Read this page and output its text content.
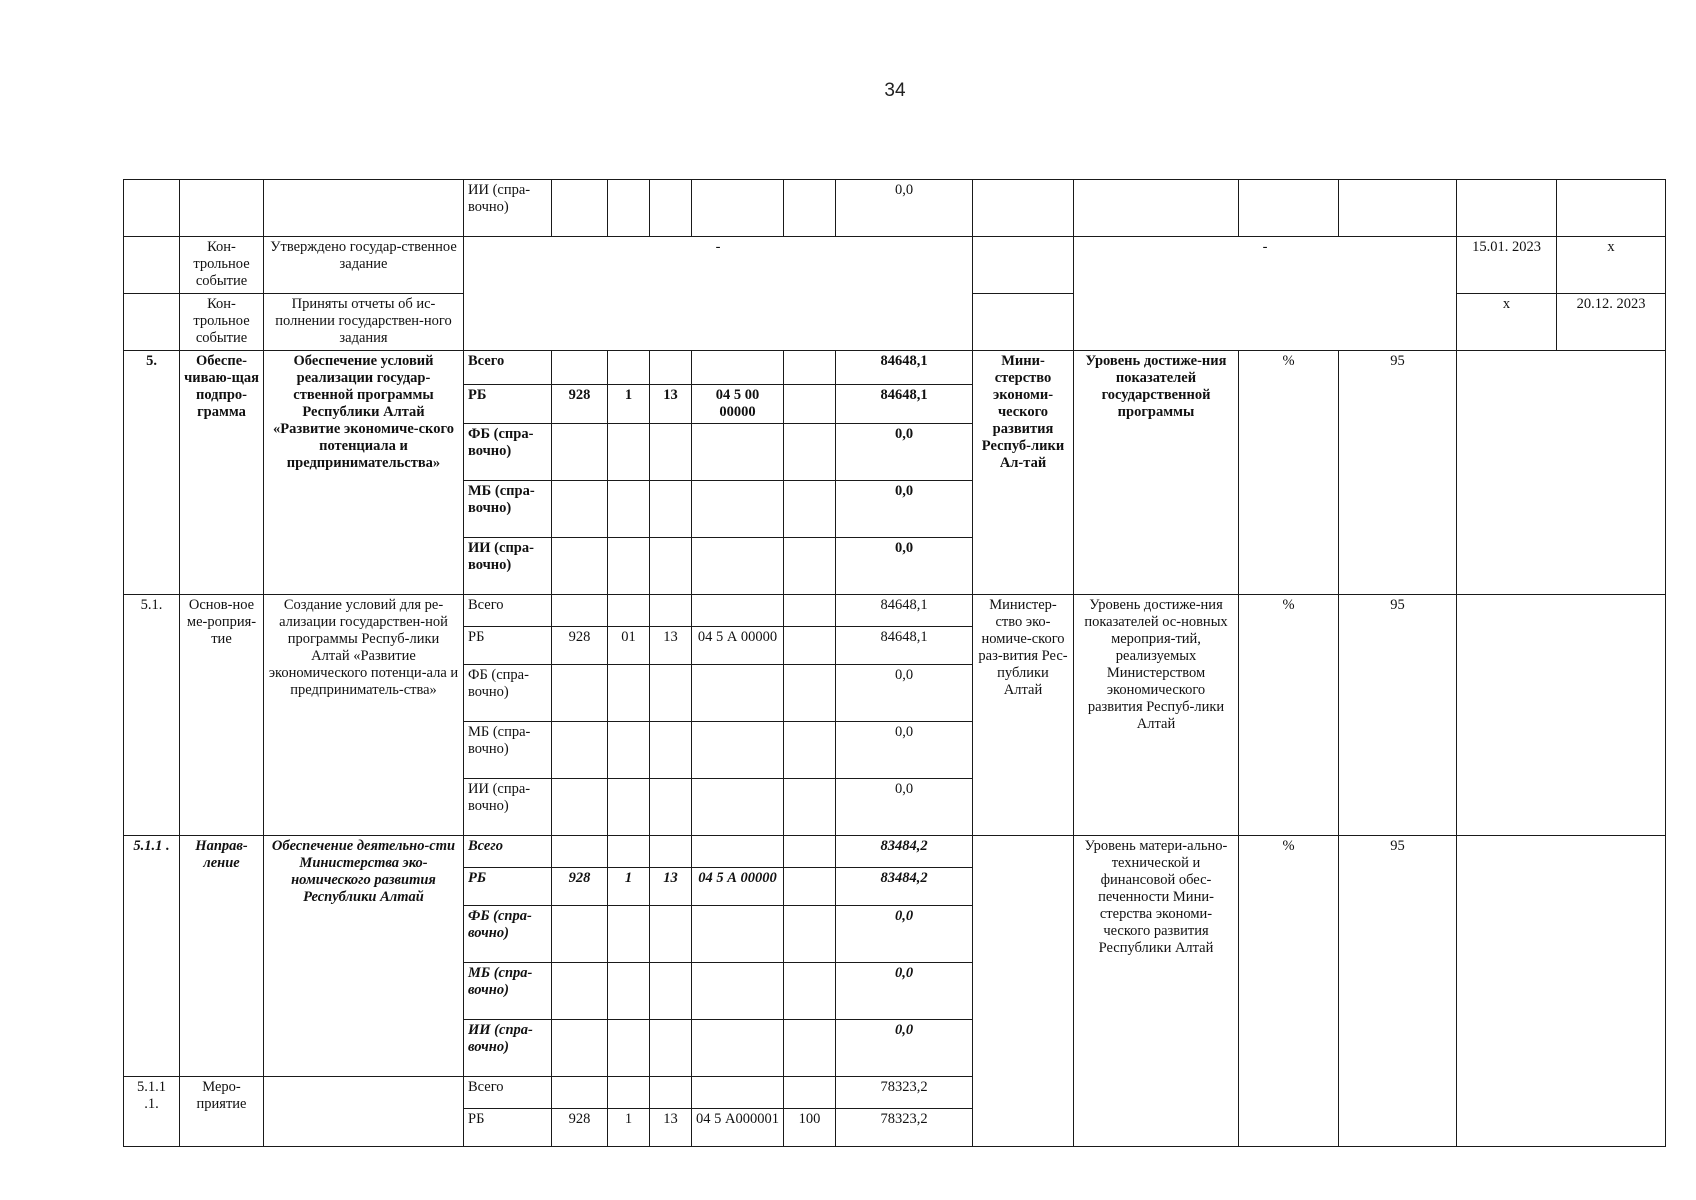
34
			ИИ (спра-вочно)						0,0						
	Кон-трольное событие	Утверждено государ-ственное задание	-								-			15.01. 2023	х
	Кон-трольное событие	Приняты отчеты об ис-полнении государствен-ного задания												х	20.12. 2023
5.	Обеспе-чиваю-щая подпро-грамма	Обеспечение условий реализации государ-ственной программы Республики Алтай «Развитие экономиче-ского потенциала и предпринимательства»	Всего						84648,1	Мини-стерство экономи-ческого развития Респуб-лики Ал-тай	Уровень достиже-ния показателей государственной программы	%	95		
			РБ	928	1	13	04 5 00 00000		84648,1						
			ФБ (спра-вочно)						0,0						
			МБ (спра-вочно)						0,0						
			ИИ (спра-вочно)						0,0						
5.1.	Основ-ное ме-роприя-тие	Создание условий для ре-ализации государствен-ной программы Респуб-лики Алтай «Развитие экономического потенци-ала и предприниматель-ства»	Всего						84648,1	Министер-ство эко-номиче-ского раз-вития Рес-публики Алтай	Уровень достиже-ния показателей ос-новных мероприя-тий, реализуемых Министерством экономического развития Респуб-лики Алтай	%	95		
			РБ	928	01	13	04 5 А 00000		84648,1						
			ФБ (спра-вочно)						0,0						
			МБ (спра-вочно)						0,0						
			ИИ (спра-вочно)						0,0						
5.1.1 .	Направ-ление	Обеспечение деятельно-сти Министерства эко-номического развития Республики Алтай	Всего						83484,2		Уровень матери-ально-технической и финансовой обес-печенности Мини-стерства экономи-ческого развития Республики Алтай	%	95		
			РБ	928	1	13	04 5 А 00000		83484,2						
			ФБ (спра-вочно)						0,0						
			МБ (спра-вочно)						0,0						
			ИИ (спра-вочно)						0,0						
5.1.1 .1.	Меро-приятие		Всего						78323,2						
			РБ	928	1	13	04 5 А000001	100	78323,2						
